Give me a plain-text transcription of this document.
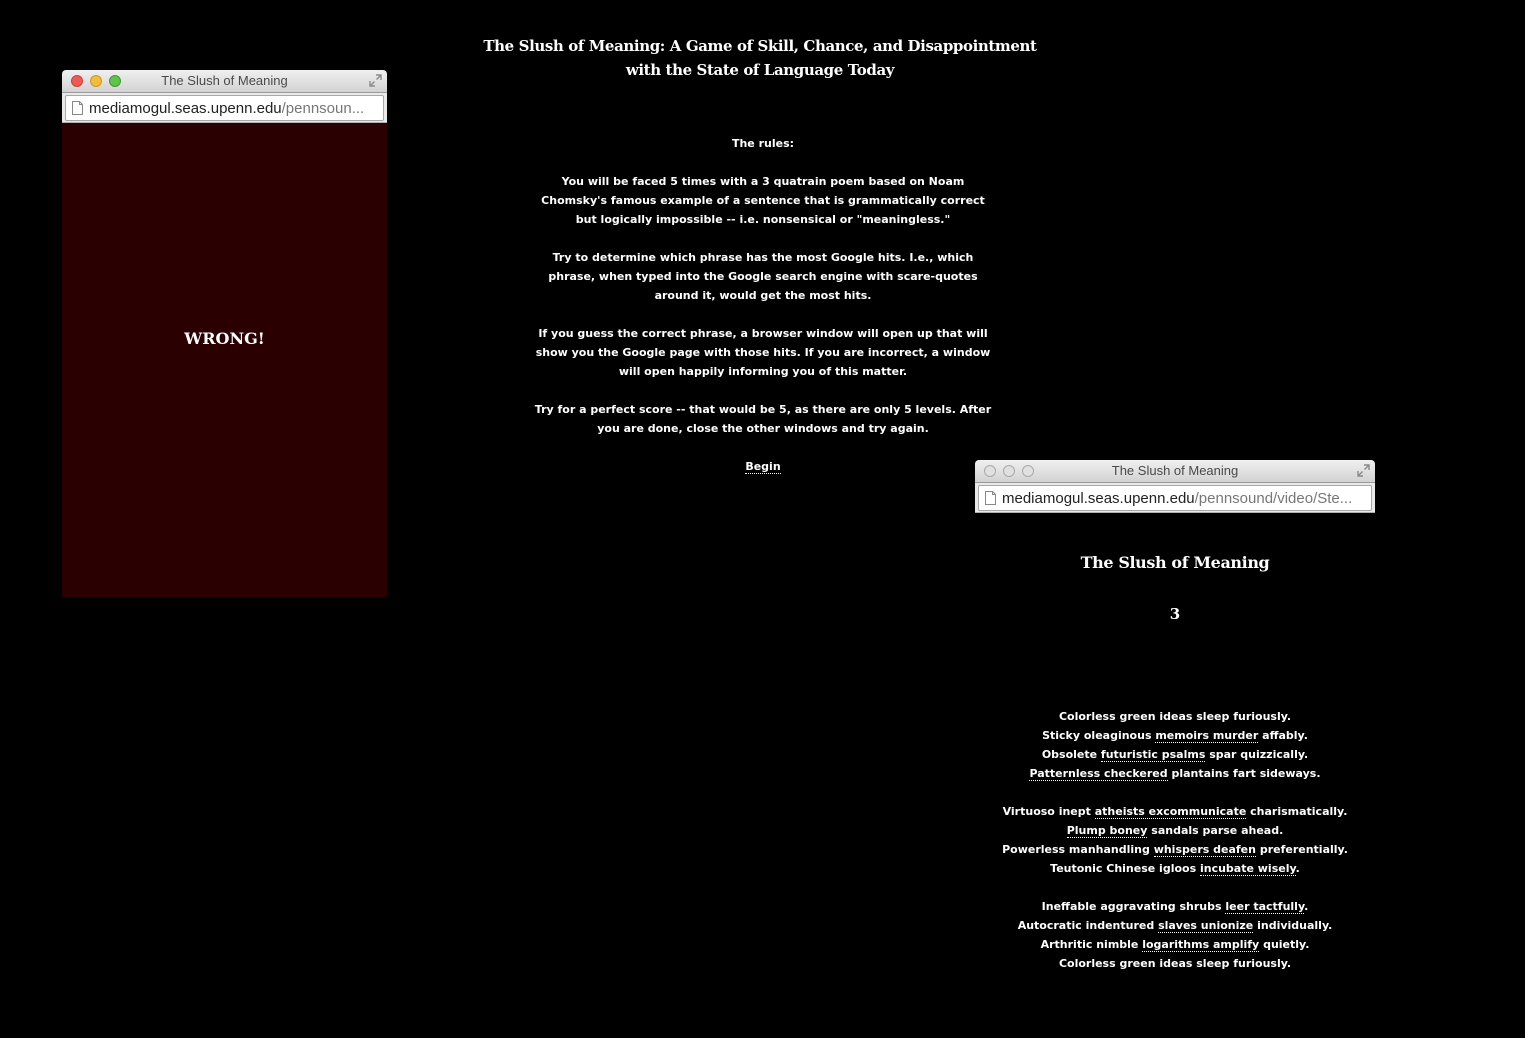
The Slush of Meaning: A Game of Skill, Chance, and Disappointment
with the State of Language Today

The rules:

You will be faced 5 times with a 3 quatrain poem based on Noam Chomsky's famous example of a sentence that is grammatically correct but logically impossible -- i.e. nonsensical or "meaningless."

Try to determine which phrase has the most Google hits. I.e., which phrase, when typed into the Google search engine with scare-quotes around it, would get the most hits.

If you guess the correct phrase, a browser window will open up that will show you the Google page with those hits. If you are incorrect, a window will open happily informing you of this matter.

Try for a perfect score -- that would be 5, as there are only 5 levels. After you are done, close the other windows and try again.

Begin

The Slush of Meaning
mediamogul.seas.upenn.edu /pennsoun...
WRONG!
The Slush of Meaning
mediamogul.seas.upenn.edu /pennsound/video/Ste...
The Slush of Meaning
3
Colorless green ideas sleep furiously.
Sticky oleaginous memoirs murder affably.
Obsolete futuristic psalms spar quizzically.
Patternless checkered plantains fart sideways.
Virtuoso inept atheists excommunicate charismatically.
Plump boney sandals parse ahead.
Powerless manhandling whispers deafen preferentially.
Teutonic Chinese igloos incubate wisely.
Ineffable aggravating shrubs leer tactfully.
Autocratic indentured slaves unionize individually.
Arthritic nimble logarithms amplify quietly.
Colorless green ideas sleep furiously.
